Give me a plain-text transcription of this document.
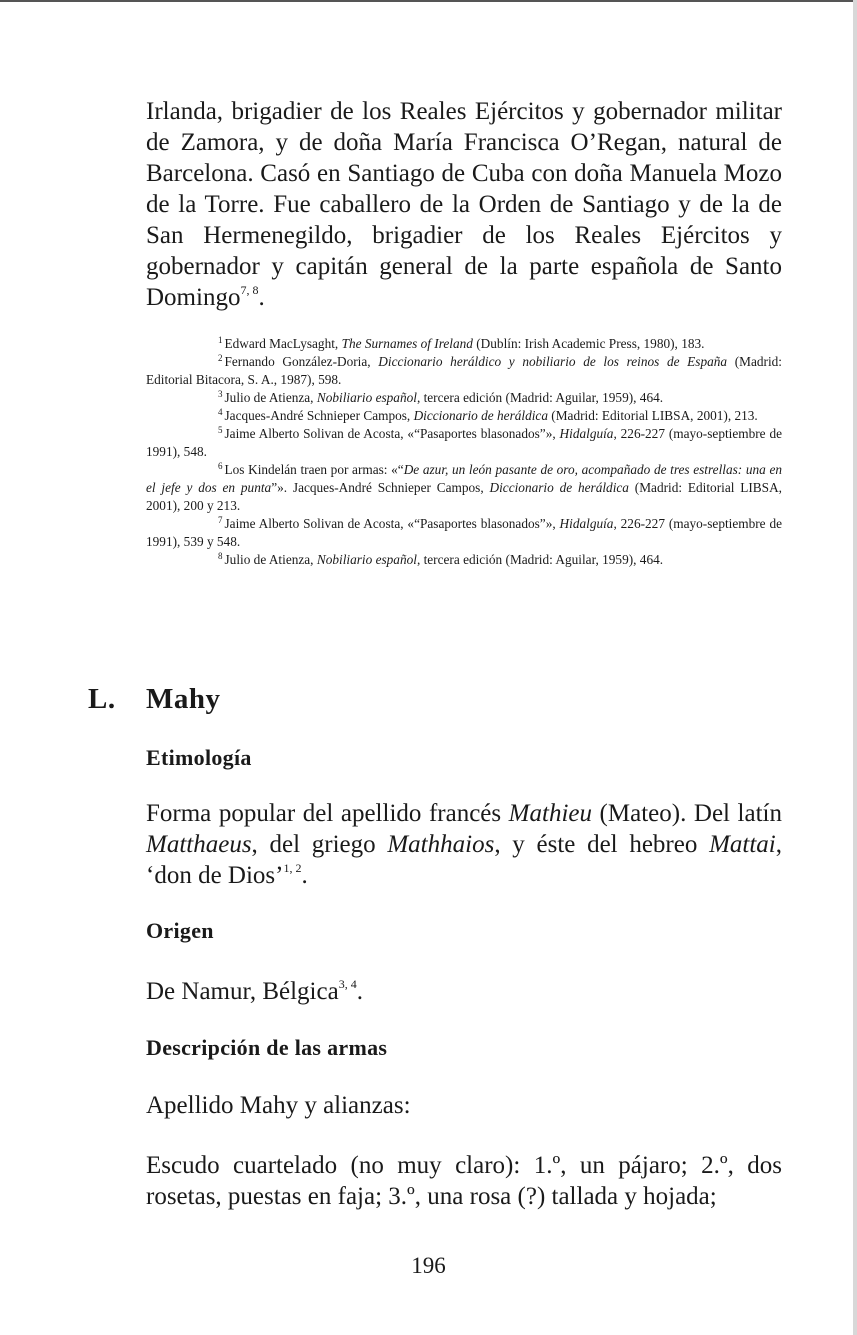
Irlanda, brigadier de los Reales Ejércitos y gobernador militar de Zamora, y de doña María Francisca O’Regan, natural de Barcelona. Casó en Santiago de Cuba con doña Manuela Mozo de la Torre. Fue caballero de la Orden de Santiago y de la de San Hermenegildo, brigadier de los Reales Ejércitos y gobernador y capitán general de la parte española de Santo Domingo$^{7, 8}$.

$^1$ Edward MacLysaght, The Surnames of Ireland (Dublín: Irish Academic Press, 1980), 183.

$^2$ Fernando González-Doria, Diccionario heráldico y nobiliario de los reinos de España (Madrid: Editorial Bitacora, S. A., 1987), 598.

$^3$ Julio de Atienza, Nobiliario español, tercera edición (Madrid: Aguilar, 1959), 464.

$^4$ Jacques-André Schnieper Campos, Diccionario de heráldica (Madrid: Editorial LIBSA, 2001), 213.

$^5$ Jaime Alberto Solivan de Acosta, «“Pasaportes blasonados”», Hidalguía, 226-227 (mayo-septiembre de 1991), 548.

$^6$ Los Kindelán traen por armas: «“De azur, un león pasante de oro, acompañado de tres estrellas: una en el jefe y dos en punta”». Jacques-André Schnieper Campos, Diccionario de heráldica (Madrid: Editorial LIBSA, 2001), 200 y 213.

$^7$ Jaime Alberto Solivan de Acosta, «“Pasaportes blasonados”», Hidalguía, 226-227 (mayo-septiembre de 1991), 539 y 548.

$^8$ Julio de Atienza, Nobiliario español, tercera edición (Madrid: Aguilar, 1959), 464.

L. Mahy

Etimología

Forma popular del apellido francés Mathieu (Mateo). Del latín Matthaeus, del griego Mathhaios, y éste del hebreo Mattai, ‘don de Dios’$^{1, 2}$.

Origen

De Namur, Bélgica$^{3, 4}$.

Descripción de las armas

Apellido Mahy y alianzas:

Escudo cuartelado (no muy claro): 1.º, un pájaro; 2.º, dos rosetas, puestas en faja; 3.º, una rosa (?) tallada y hojada;

196
